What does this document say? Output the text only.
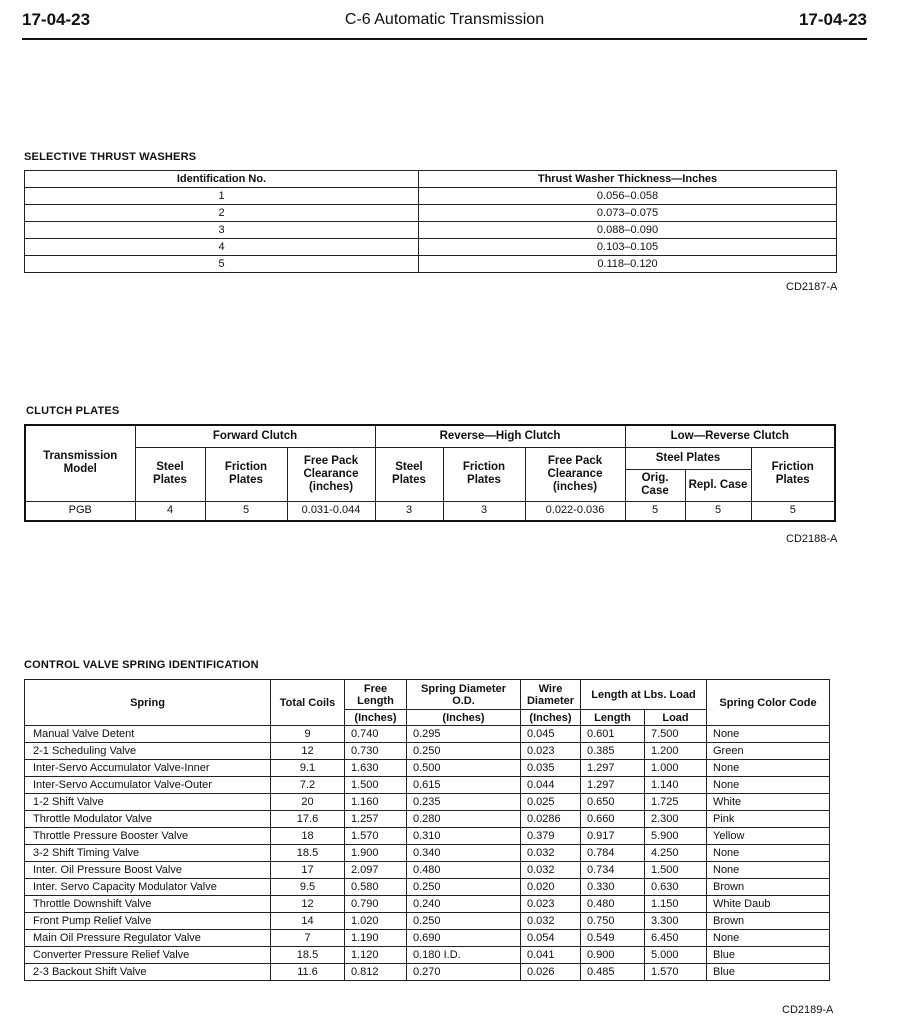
17-04-23	C-6 Automatic Transmission	17-04-23
SELECTIVE THRUST WASHERS
Identification No.	Thrust Washer Thickness—Inches
1	0.056–0.058
2	0.073–0.075
3	0.088–0.090
4	0.103–0.105
5	0.118–0.120
CD2187-A
CLUTCH PLATES
Transmission Model	Forward Clutch			Reverse—High Clutch			Low—Reverse Clutch		
	Steel Plates	Friction Plates	Free Pack Clearance (inches)	Steel Plates	Friction Plates	Free Pack Clearance (inches)	Steel Plates		Friction Plates
							Orig. Case	Repl. Case	
PGB	4	5	0.031-0.044	3	3	0.022-0.036	5	5	5
CD2188-A
CONTROL VALVE SPRING IDENTIFICATION
Spring	Total Coils	Free Length	Spring Diameter O.D.	Wire Diameter	Length at Lbs. Load		Spring Color Code
		(Inches)	(Inches)	(Inches)	Length	Load	
Manual Valve Detent	9	0.740	0.295	0.045	0.601	7.500	None
2-1 Scheduling Valve	12	0.730	0.250	0.023	0.385	1.200	Green
Inter-Servo Accumulator Valve-Inner	9.1	1.630	0.500	0.035	1.297	1.000	None
Inter-Servo Accumulator Valve-Outer	7.2	1.500	0.615	0.044	1.297	1.140	None
1-2 Shift Valve	20	1.160	0.235	0.025	0.650	1.725	White
Throttle Modulator Valve	17.6	1.257	0.280	0.0286	0.660	2.300	Pink
Throttle Pressure Booster Valve	18	1.570	0.310	0.379	0.917	5.900	Yellow
3-2 Shift Timing Valve	18.5	1.900	0.340	0.032	0.784	4.250	None
Inter. Oil Pressure Boost Valve	17	2.097	0.480	0.032	0.734	1.500	None
Inter. Servo Capacity Modulator Valve	9.5	0.580	0.250	0.020	0.330	0.630	Brown
Throttle Downshift Valve	12	0.790	0.240	0.023	0.480	1.150	White Daub
Front Pump Relief Valve	14	1.020	0.250	0.032	0.750	3.300	Brown
Main Oil Pressure Regulator Valve	7	1.190	0.690	0.054	0.549	6.450	None
Converter Pressure Relief Valve	18.5	1.120	0.180 I.D.	0.041	0.900	5.000	Blue
2-3 Backout Shift Valve	11.6	0.812	0.270	0.026	0.485	1.570	Blue
CD2189-A
